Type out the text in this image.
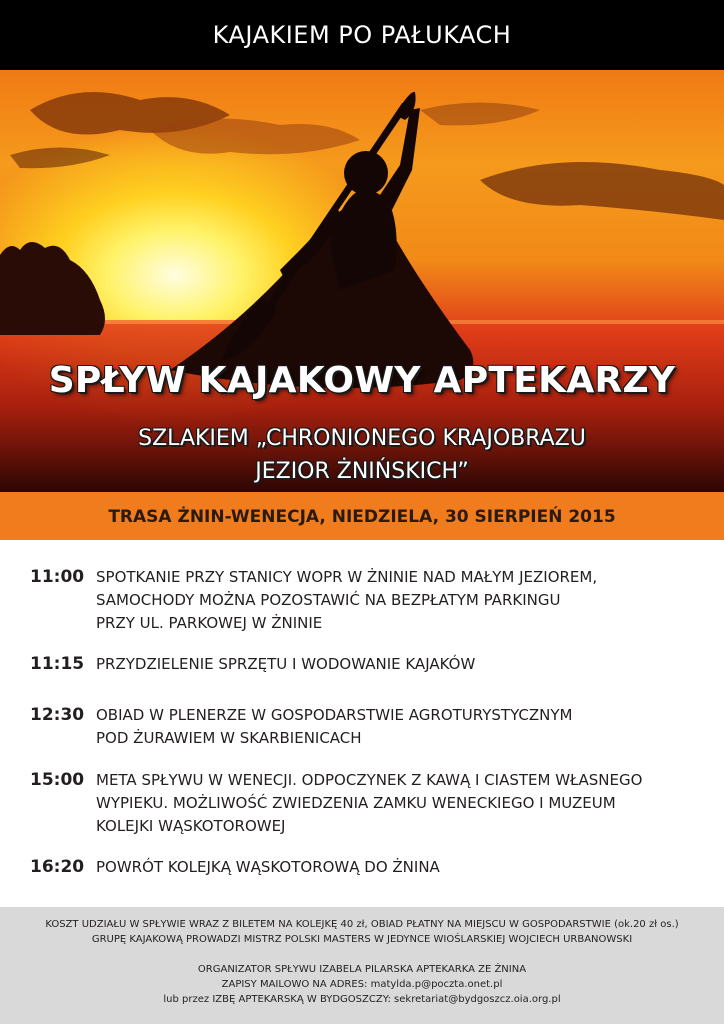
KAJAKIEM PO PAŁUKACH
SPŁYW KAJAKOWY APTEKARZY
SZLAKIEM „CHRONIONEGO KRAJOBRAZU
JEZIOR ŻNIŃSKICH”
TRASA ŻNIN-WENECJA, NIEDZIELA, 30 SIERPIEŃ 2015
11:00 SPOTKANIE PRZY STANICY WOPR W ŻNINIE NAD MAŁYM JEZIOREM,
SAMOCHODY MOŻNA POZOSTAWIĆ NA BEZPŁATYM PARKINGU
PRZY UL. PARKOWEJ W ŻNINIE
11:15 PRZYDZIELENIE SPRZĘTU I WODOWANIE KAJAKÓW
12:30 OBIAD W PLENERZE W GOSPODARSTWIE AGROTURYSTYCZNYM
POD ŻURAWIEM W SKARBIENICACH
15:00 META SPŁYWU W WENECJI. ODPOCZYNEK Z KAWĄ I CIASTEM WŁASNEGO
WYPIEKU. MOŻLIWOŚĆ ZWIEDZENIA ZAMKU WENECKIEGO I MUZEUM
KOLEJKI WĄSKOTOROWEJ
16:20 POWRÓT KOLEJKĄ WĄSKOTOROWĄ DO ŻNINA
KOSZT UDZIAŁU W SPŁYWIE WRAZ Z BILETEM NA KOLEJKĘ 40 zł, OBIAD PŁATNY NA MIEJSCU W GOSPODARSTWIE (ok.20 zł os.)
GRUPĘ KAJAKOWĄ PROWADZI MISTRZ POLSKI MASTERS W JEDYNCE WIOŚLARSKIEJ WOJCIECH URBANOWSKI
ORGANIZATOR SPŁYWU IZABELA PILARSKA APTEKARKA ZE ŻNINA
ZAPISY MAILOWO NA ADRES: matylda.p@poczta.onet.pl
lub przez IZBĘ APTEKARSKĄ W BYDGOSZCZY: sekretariat@bydgoszcz.oia.org.pl
